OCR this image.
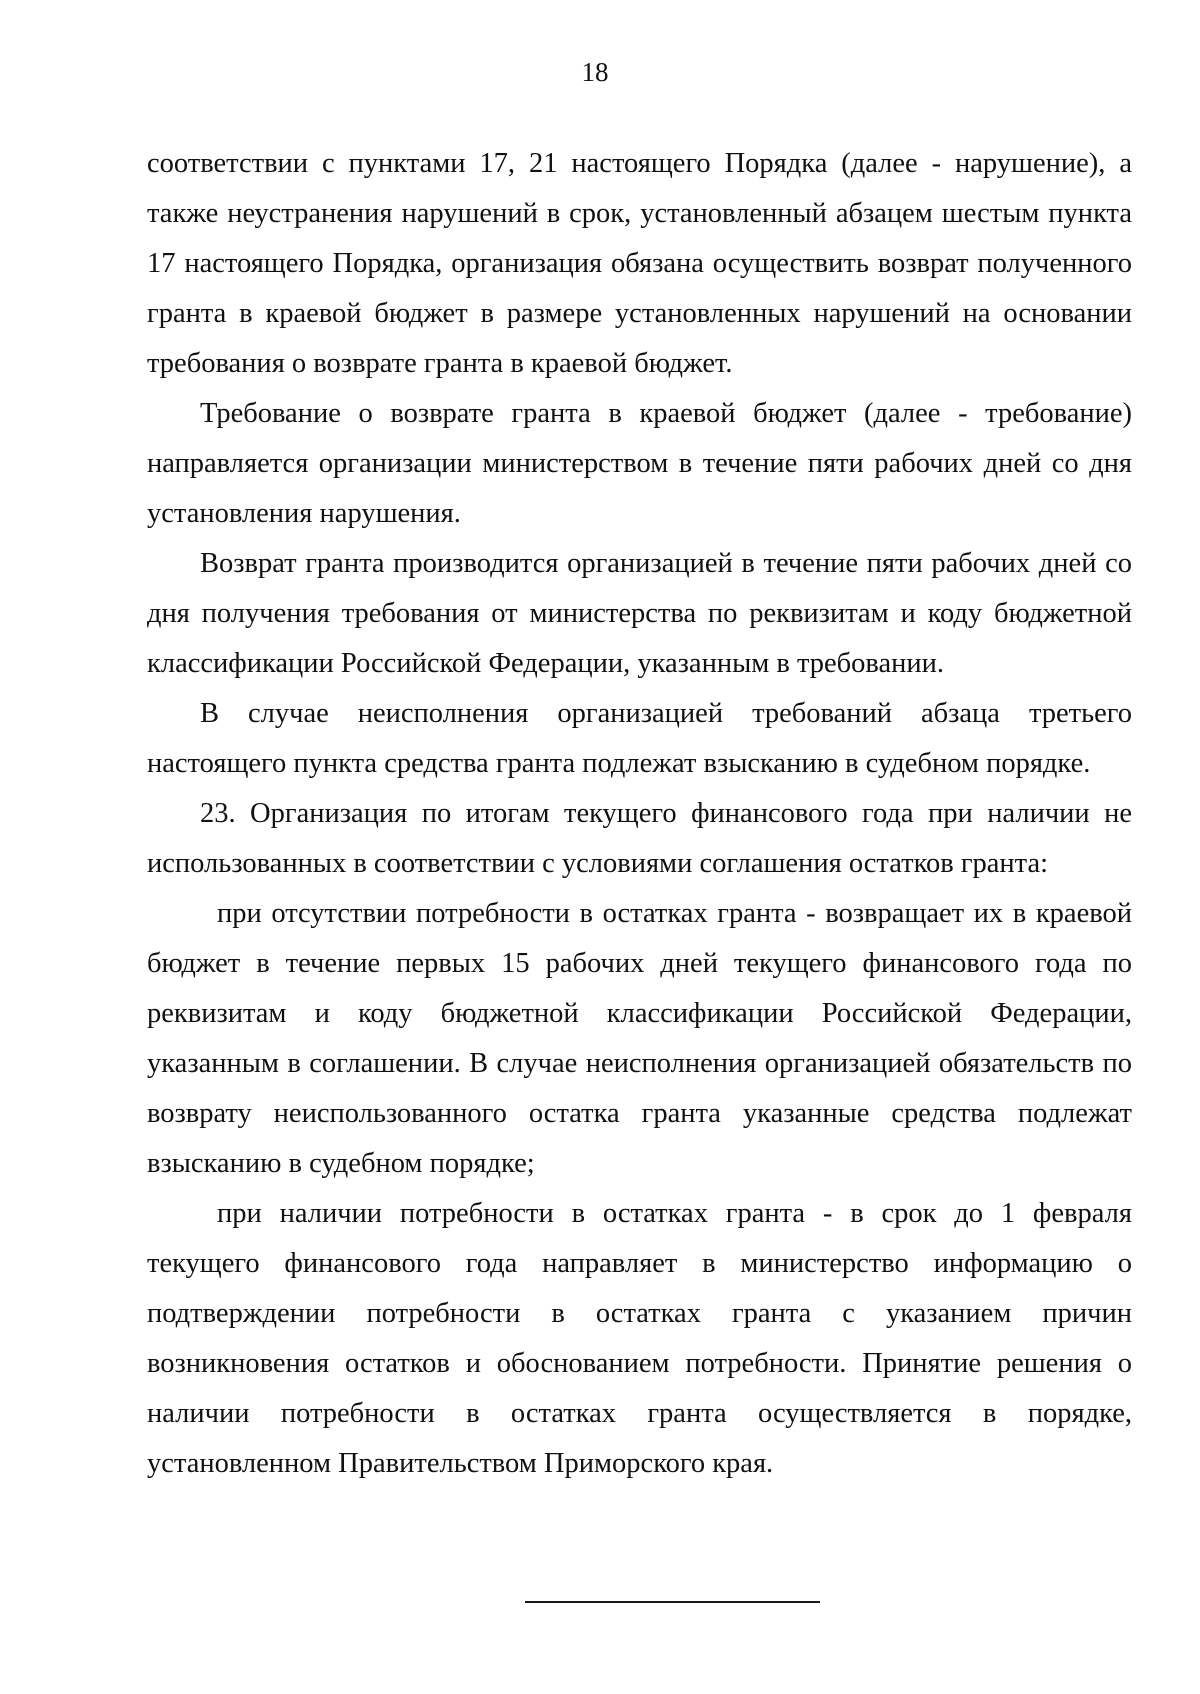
18

соответствии с пунктами 17, 21 настоящего Порядка (далее - нарушение), а также неустранения нарушений в срок, установленный абзацем шестым пункта 17 настоящего Порядка, организация обязана осуществить возврат полученного гранта в краевой бюджет в размере установленных нарушений на основании требования о возврате гранта в краевой бюджет.

Требование о возврате гранта в краевой бюджет (далее - требование) направляется организации министерством в течение пяти рабочих дней со дня установления нарушения.

Возврат гранта производится организацией в течение пяти рабочих дней со дня получения требования от министерства по реквизитам и коду бюджетной классификации Российской Федерации, указанным в требовании.

В случае неисполнения организацией требований абзаца третьего настоящего пункта средства гранта подлежат взысканию в судебном порядке.

23. Организация по итогам текущего финансового года при наличии не использованных в соответствии с условиями соглашения остатков гранта:

при отсутствии потребности в остатках гранта - возвращает их в краевой бюджет в течение первых 15 рабочих дней текущего финансового года по реквизитам и коду бюджетной классификации Российской Федерации, указанным в соглашении. В случае неисполнения организацией обязательств по возврату неиспользованного остатка гранта указанные средства подлежат взысканию в судебном порядке;

при наличии потребности в остатках гранта - в срок до 1 февраля текущего финансового года направляет в министерство информацию о подтверждении потребности в остатках гранта с указанием причин возникновения остатков и обоснованием потребности. Принятие решения о наличии потребности в остатках гранта осуществляется в порядке, установленном Правительством Приморского края.
